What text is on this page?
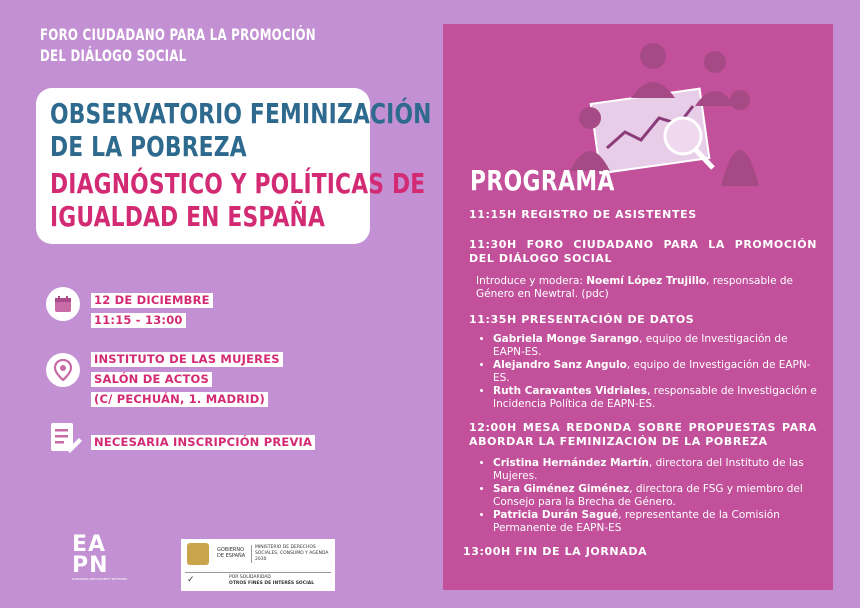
FORO CIUDADANO PARA LA PROMOCIÓN
DEL DIÁLOGO SOCIAL
OBSERVATORIO FEMINIZACIÓN
DE LA POBREZA
DIAGNÓSTICO Y POLÍTICAS DE
IGUALDAD EN ESPAÑA
12 DE DICIEMBRE
11:15 - 13:00
INSTITUTO DE LAS MUJERES
SALÓN DE ACTOS
(C/ PECHUÁN, 1. MADRID)
NECESARIA INSCRIPCIÓN PREVIA
PROGRAMA
11:15H REGISTRO DE ASISTENTES
11:30H FORO CIUDADANO PARA LA PROMOCIÓN DEL DIÁLOGO SOCIAL
Introduce y modera: Noemí López Trujillo, responsable de Género en Newtral. (pdc)
11:35H PRESENTACIÓN DE DATOS
• Gabriela Monge Sarango, equipo de Investigación de EAPN-ES.
• Alejandro Sanz Angulo, equipo de Investigación de EAPN-ES.
• Ruth Caravantes Vidriales, responsable de Investigación e Incidencia Política de EAPN-ES.
12:00H MESA REDONDA SOBRE PROPUESTAS PARA ABORDAR LA FEMINIZACIÓN DE LA POBREZA
• Cristina Hernández Martín, directora del Instituto de las Mujeres.
• Sara Giménez Giménez, directora de FSG y miembro del Consejo para la Brecha de Género.
• Patricia Durán Sagué, representante de la Comisión Permanente de EAPN-ES
13:00H FIN DE LA JORNADA
EA
PN
EUROPEAN ANTI POVERTY NETWORK
GOBIERNO
DE ESPAÑA
MINISTERIO DE DERECHOS SOCIALES, CONSUMO Y AGENDA 2030
✓	POR SOLIDARIDAD
OTROS FINES DE INTERÉS SOCIAL
